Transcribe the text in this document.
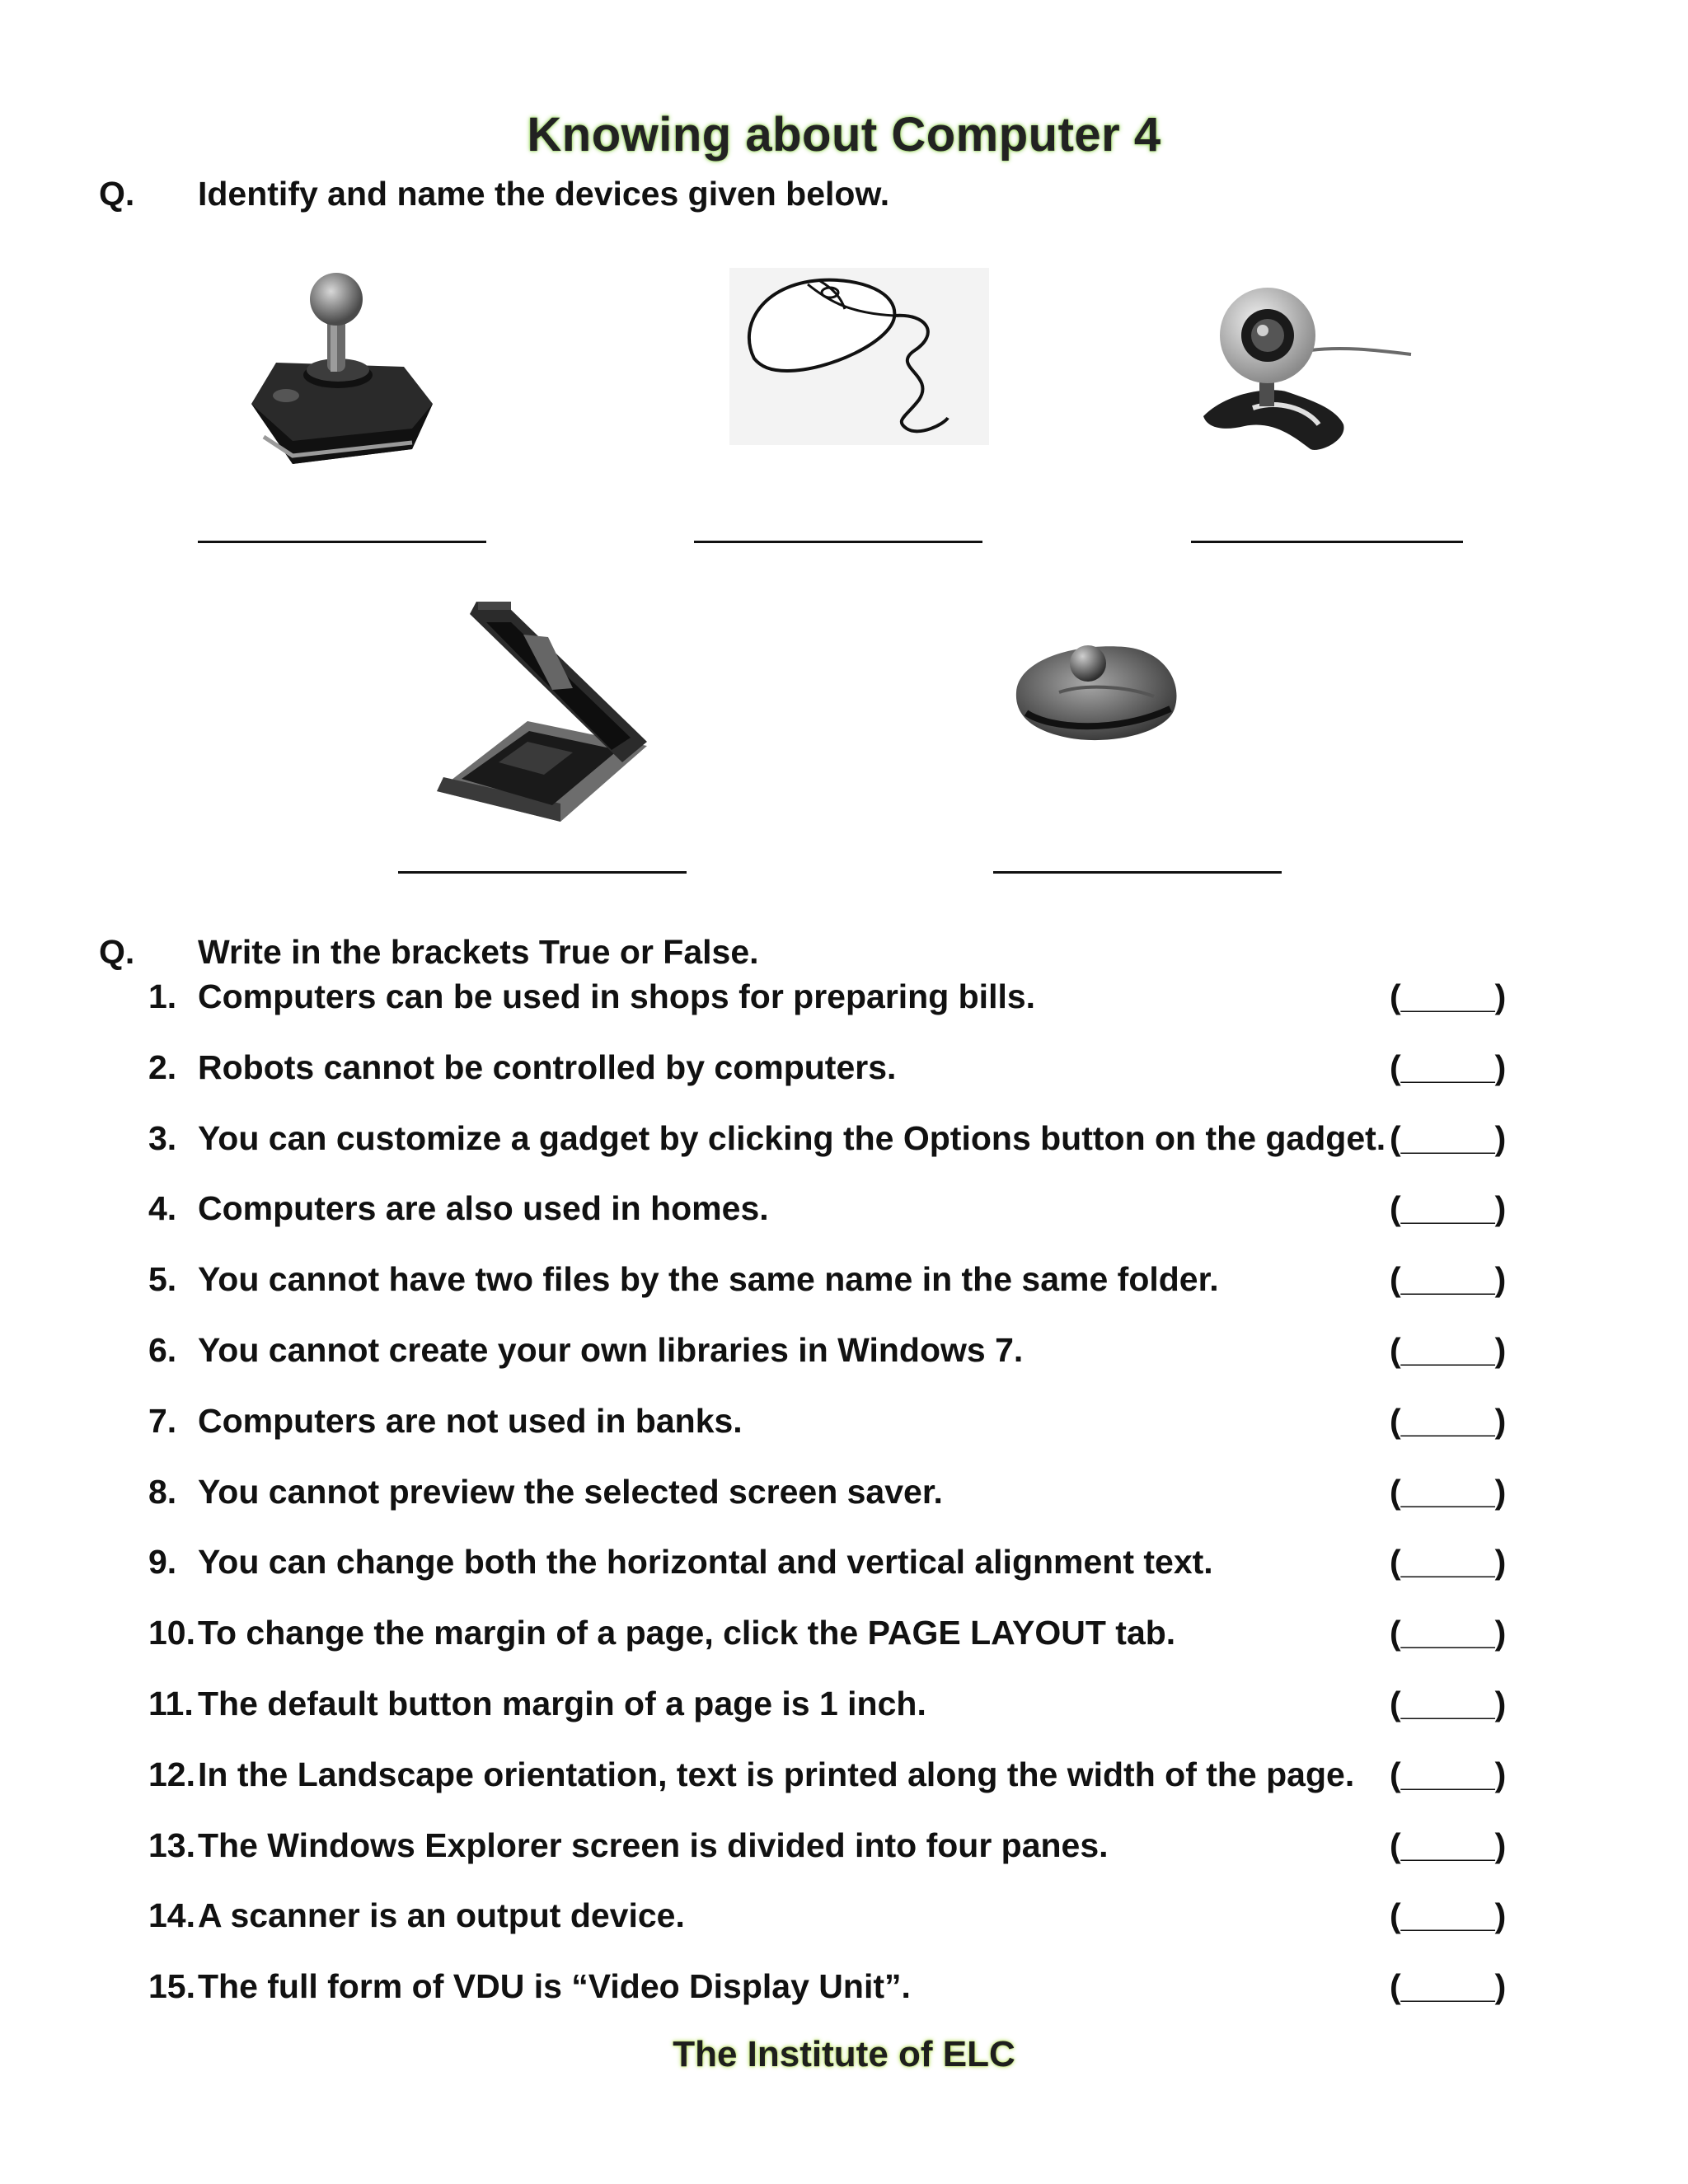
Knowing about Computer 4
Q. Identify and name the devices given below.
Q. Write in the brackets True or False.
1. Computers can be used in shops for preparing bills.	(_____)
2. Robots cannot be controlled by computers.	(_____)
3. You can customize a gadget by clicking the Options button on the gadget. (_____)
4. Computers are also used in homes.	(_____)
5. You cannot have two files by the same name in the same folder.	(_____)
6. You cannot create your own libraries in Windows 7.	(_____)
7. Computers are not used in banks.	(_____)
8. You cannot preview the selected screen saver.	(_____)
9. You can change both the horizontal and vertical alignment text.	(_____)
10. To change the margin of a page, click the PAGE LAYOUT tab.	(_____)
11. The default button margin of a page is 1 inch.	(_____)
12. In the Landscape orientation, text is printed along the width of the page. (_____)
13. The Windows Explorer screen is divided into four panes.	(_____)
14. A scanner is an output device.	(_____)
15. The full form of VDU is “Video Display Unit”.	(_____)
The Institute of ELC
